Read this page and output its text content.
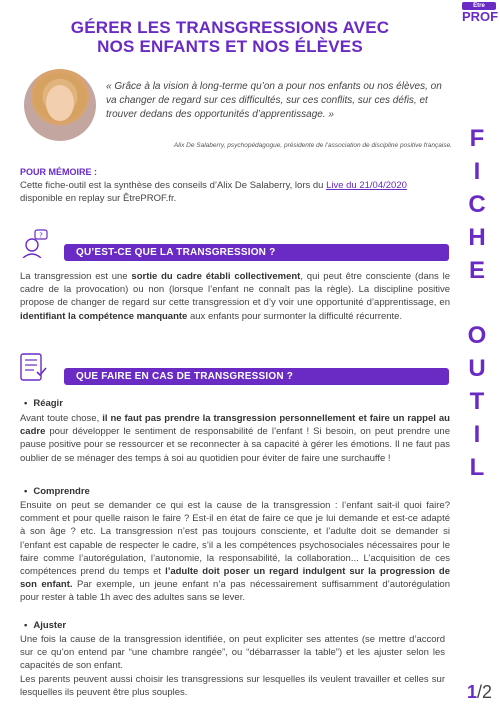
GÉRER LES TRANSGRESSIONS AVEC
NOS ENFANTS ET NOS ÉLÈVES
Être
PROF
F
I
C
H
E
O
U
T
I
L
« Grâce à la vision à long-terme qu’on a pour nos enfants ou nos élèves, on va changer de regard sur ces difficultés, sur ces conflits, sur ces défis, et trouver dedans des opportunités d’apprentissage. »
Alix De Salaberry, psychopédagogue, présidente de l’association de discipline positive française.
POUR MÉMOIRE :
Cette fiche-outil est la synthèse des conseils d’Alix De Salaberry, lors du Live du 21/04/2020 disponible en replay sur ÊtrePROF.fr.
?
QU’EST-CE QUE LA TRANSGRESSION ?
La transgression est une sortie du cadre établi collectivement, qui peut être consciente (dans le cadre de la provocation) ou non (lorsque l’enfant ne connaît pas la règle). La discipline positive propose de changer de regard sur cette transgression et d’y voir une opportunité d’apprentissage, en identifiant la compétence manquante aux enfants pour surmonter la difficulté récurrente.
QUE FAIRE EN CAS DE TRANSGRESSION ?
• Réagir
Avant toute chose, il ne faut pas prendre la transgression personnellement et faire un rappel au cadre pour développer le sentiment de responsabilité de l’enfant ! Si besoin, on peut prendre une pause positive pour se ressourcer et se reconnecter à sa capacité à gérer les émotions. Il ne faut pas oublier de se ménager des temps à soi au quotidien pour éviter de faire une surchauffe !
• Comprendre
Ensuite on peut se demander ce qui est la cause de la transgression : l’enfant sait-il quoi faire? comment et pour quelle raison le faire ? Est-il en état de faire ce que je lui demande et est-ce adapté à son âge ? etc. La transgression n’est pas toujours consciente, et l’adulte doit se demander si l’enfant est capable de respecter le cadre, s’il a les compétences psychosociales nécessaires pour le faire comme l’autorégulation, l’autonomie, la responsabilité, la collaboration... L’acquisition de ces compétences prend du temps et l’adulte doit poser un regard indulgent sur la progression de son enfant. Par exemple, un jeune enfant n’a pas nécessairement suffisamment d’autorégulation pour rester à table 1h avec des adultes sans se lever.
• Ajuster
Une fois la cause de la transgression identifiée, on peut expliciter ses attentes (se mettre d’accord sur ce qu’on entend par “une chambre rangée”, ou “débarrasser la table”) et les ajuster selon les capacités de son enfant.
Les parents peuvent aussi choisir les transgressions sur lesquelles ils veulent travailler et celles sur lesquelles ils peuvent être plus souples.	1/2
